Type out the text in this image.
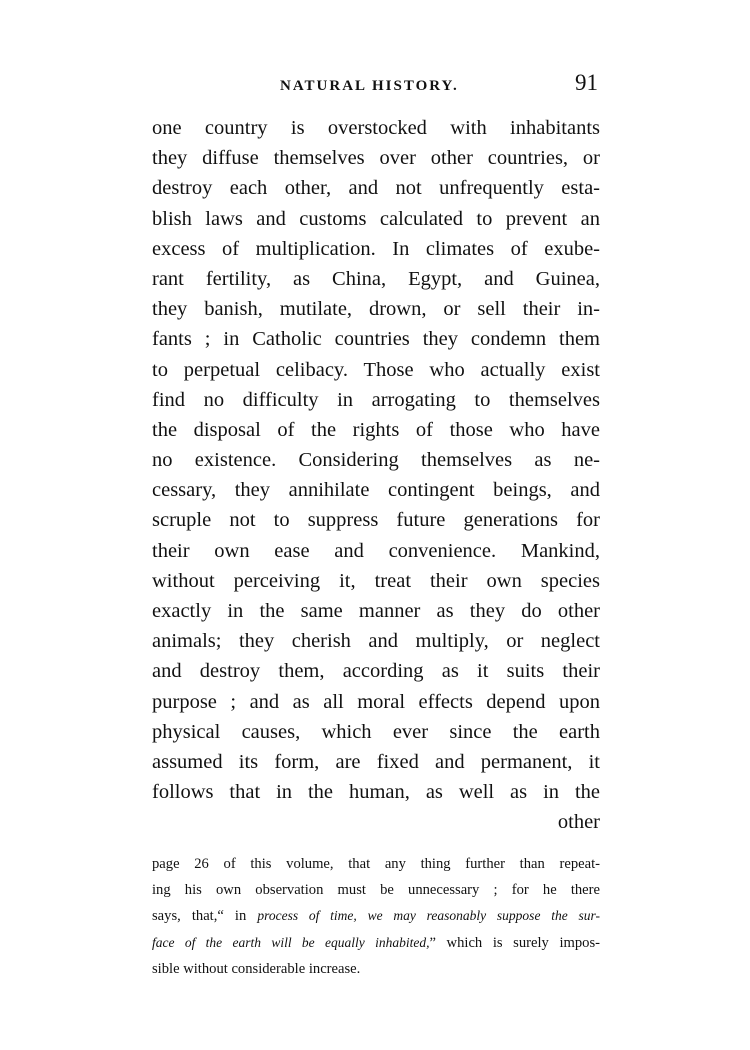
NATURAL HISTORY.	91
one country is overstocked with inhabitants
they diffuse themselves over other countries, or
destroy each other, and not unfrequently esta-
blish laws and customs calculated to prevent an
excess of multiplication. In climates of exube-
rant fertility, as China, Egypt, and Guinea,
they banish, mutilate, drown, or sell their in-
fants ; in Catholic countries they condemn them
to perpetual celibacy. Those who actually exist
find no difficulty in arrogating to themselves
the disposal of the rights of those who have
no existence. Considering themselves as ne-
cessary, they annihilate contingent beings, and
scruple not to suppress future generations for
their own ease and convenience. Mankind,
without perceiving it, treat their own species
exactly in the same manner as they do other
animals; they cherish and multiply, or neglect
and destroy them, according as it suits their
purpose ; and as all moral effects depend upon
physical causes, which ever since the earth
assumed its form, are fixed and permanent, it
follows that in the human, as well as in the
other
page 26 of this volume, that any thing further than repeat-
ing his own observation must be unnecessary ; for he there
says, that,“ in process of time, we may reasonably suppose the sur-
face of the earth will be equally inhabited,” which is surely impos-
sible without considerable increase.
